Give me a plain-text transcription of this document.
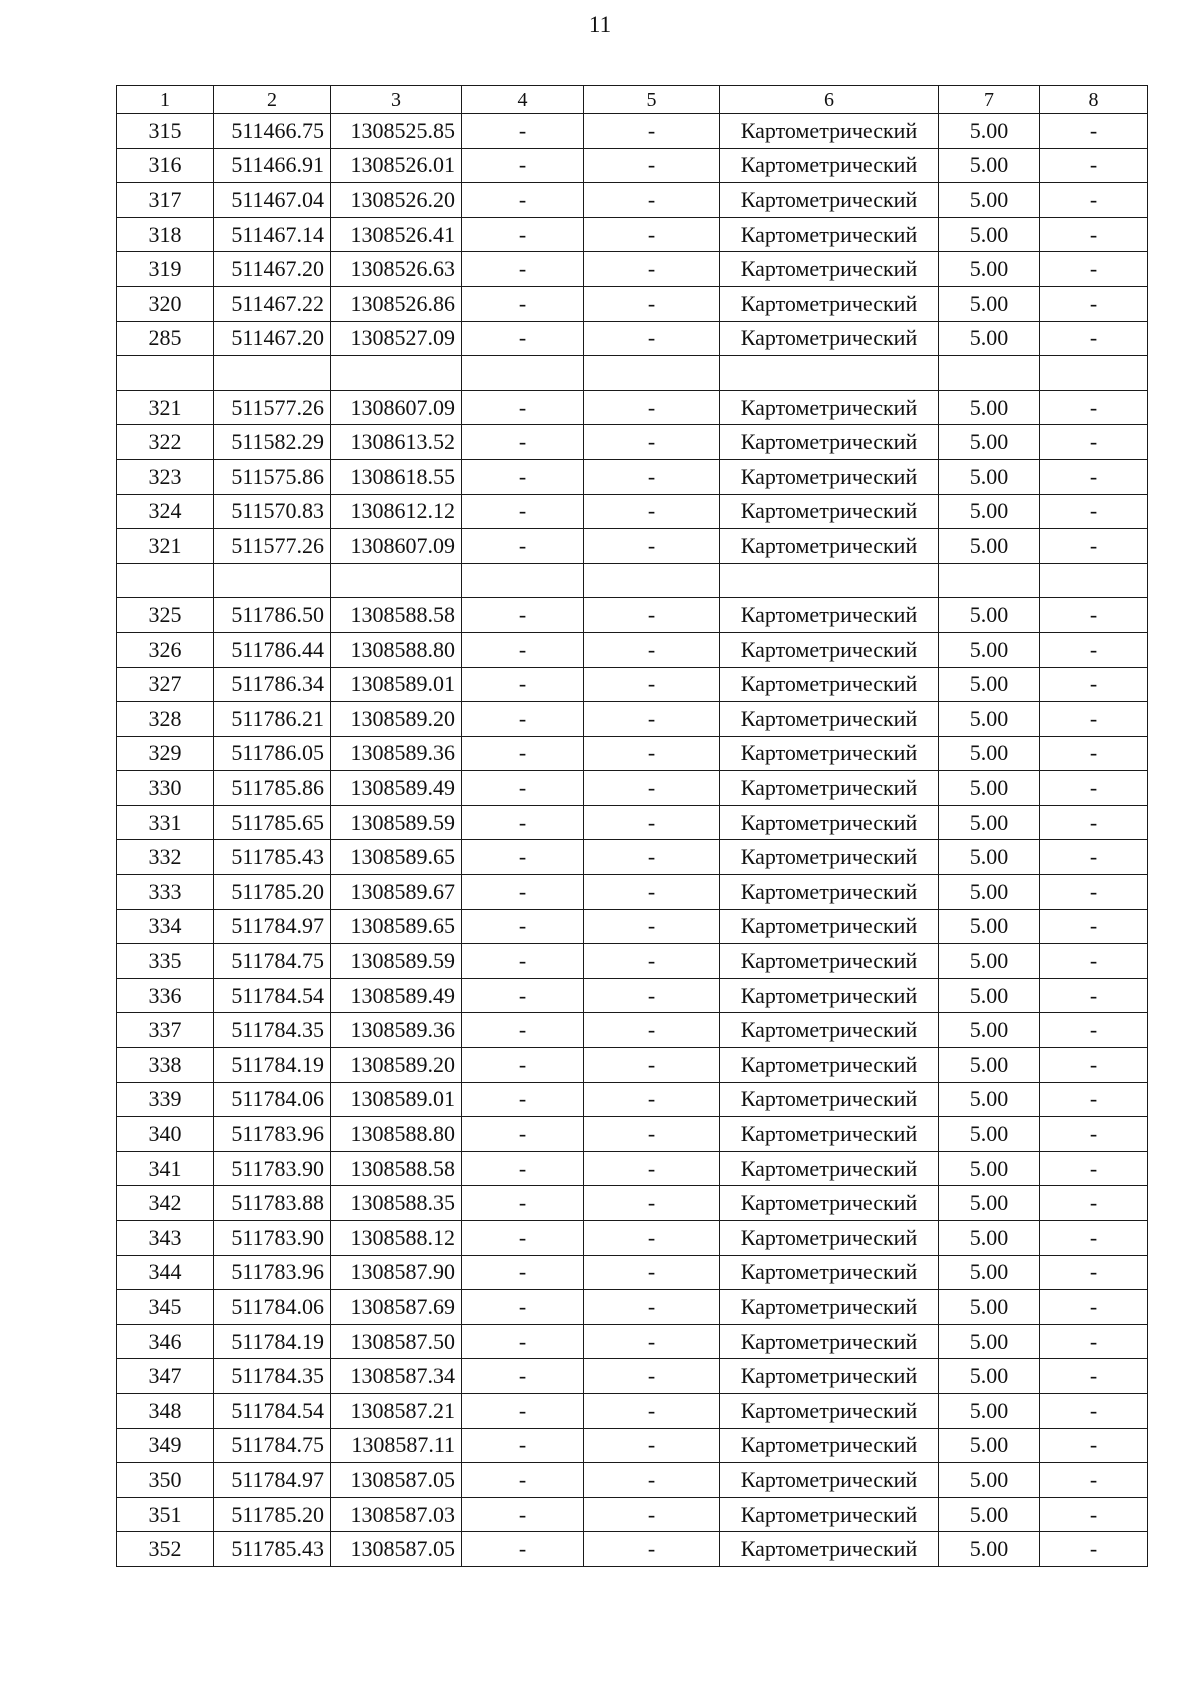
11
1	2	3	4	5	6	7	8
315	511466.75	1308525.85	-	-	Картометрический	5.00	-
316	511466.91	1308526.01	-	-	Картометрический	5.00	-
317	511467.04	1308526.20	-	-	Картометрический	5.00	-
318	511467.14	1308526.41	-	-	Картометрический	5.00	-
319	511467.20	1308526.63	-	-	Картометрический	5.00	-
320	511467.22	1308526.86	-	-	Картометрический	5.00	-
285	511467.20	1308527.09	-	-	Картометрический	5.00	-

321	511577.26	1308607.09	-	-	Картометрический	5.00	-
322	511582.29	1308613.52	-	-	Картометрический	5.00	-
323	511575.86	1308618.55	-	-	Картометрический	5.00	-
324	511570.83	1308612.12	-	-	Картометрический	5.00	-
321	511577.26	1308607.09	-	-	Картометрический	5.00	-

325	511786.50	1308588.58	-	-	Картометрический	5.00	-
326	511786.44	1308588.80	-	-	Картометрический	5.00	-
327	511786.34	1308589.01	-	-	Картометрический	5.00	-
328	511786.21	1308589.20	-	-	Картометрический	5.00	-
329	511786.05	1308589.36	-	-	Картометрический	5.00	-
330	511785.86	1308589.49	-	-	Картометрический	5.00	-
331	511785.65	1308589.59	-	-	Картометрический	5.00	-
332	511785.43	1308589.65	-	-	Картометрический	5.00	-
333	511785.20	1308589.67	-	-	Картометрический	5.00	-
334	511784.97	1308589.65	-	-	Картометрический	5.00	-
335	511784.75	1308589.59	-	-	Картометрический	5.00	-
336	511784.54	1308589.49	-	-	Картометрический	5.00	-
337	511784.35	1308589.36	-	-	Картометрический	5.00	-
338	511784.19	1308589.20	-	-	Картометрический	5.00	-
339	511784.06	1308589.01	-	-	Картометрический	5.00	-
340	511783.96	1308588.80	-	-	Картометрический	5.00	-
341	511783.90	1308588.58	-	-	Картометрический	5.00	-
342	511783.88	1308588.35	-	-	Картометрический	5.00	-
343	511783.90	1308588.12	-	-	Картометрический	5.00	-
344	511783.96	1308587.90	-	-	Картометрический	5.00	-
345	511784.06	1308587.69	-	-	Картометрический	5.00	-
346	511784.19	1308587.50	-	-	Картометрический	5.00	-
347	511784.35	1308587.34	-	-	Картометрический	5.00	-
348	511784.54	1308587.21	-	-	Картометрический	5.00	-
349	511784.75	1308587.11	-	-	Картометрический	5.00	-
350	511784.97	1308587.05	-	-	Картометрический	5.00	-
351	511785.20	1308587.03	-	-	Картометрический	5.00	-
352	511785.43	1308587.05	-	-	Картометрический	5.00	-
